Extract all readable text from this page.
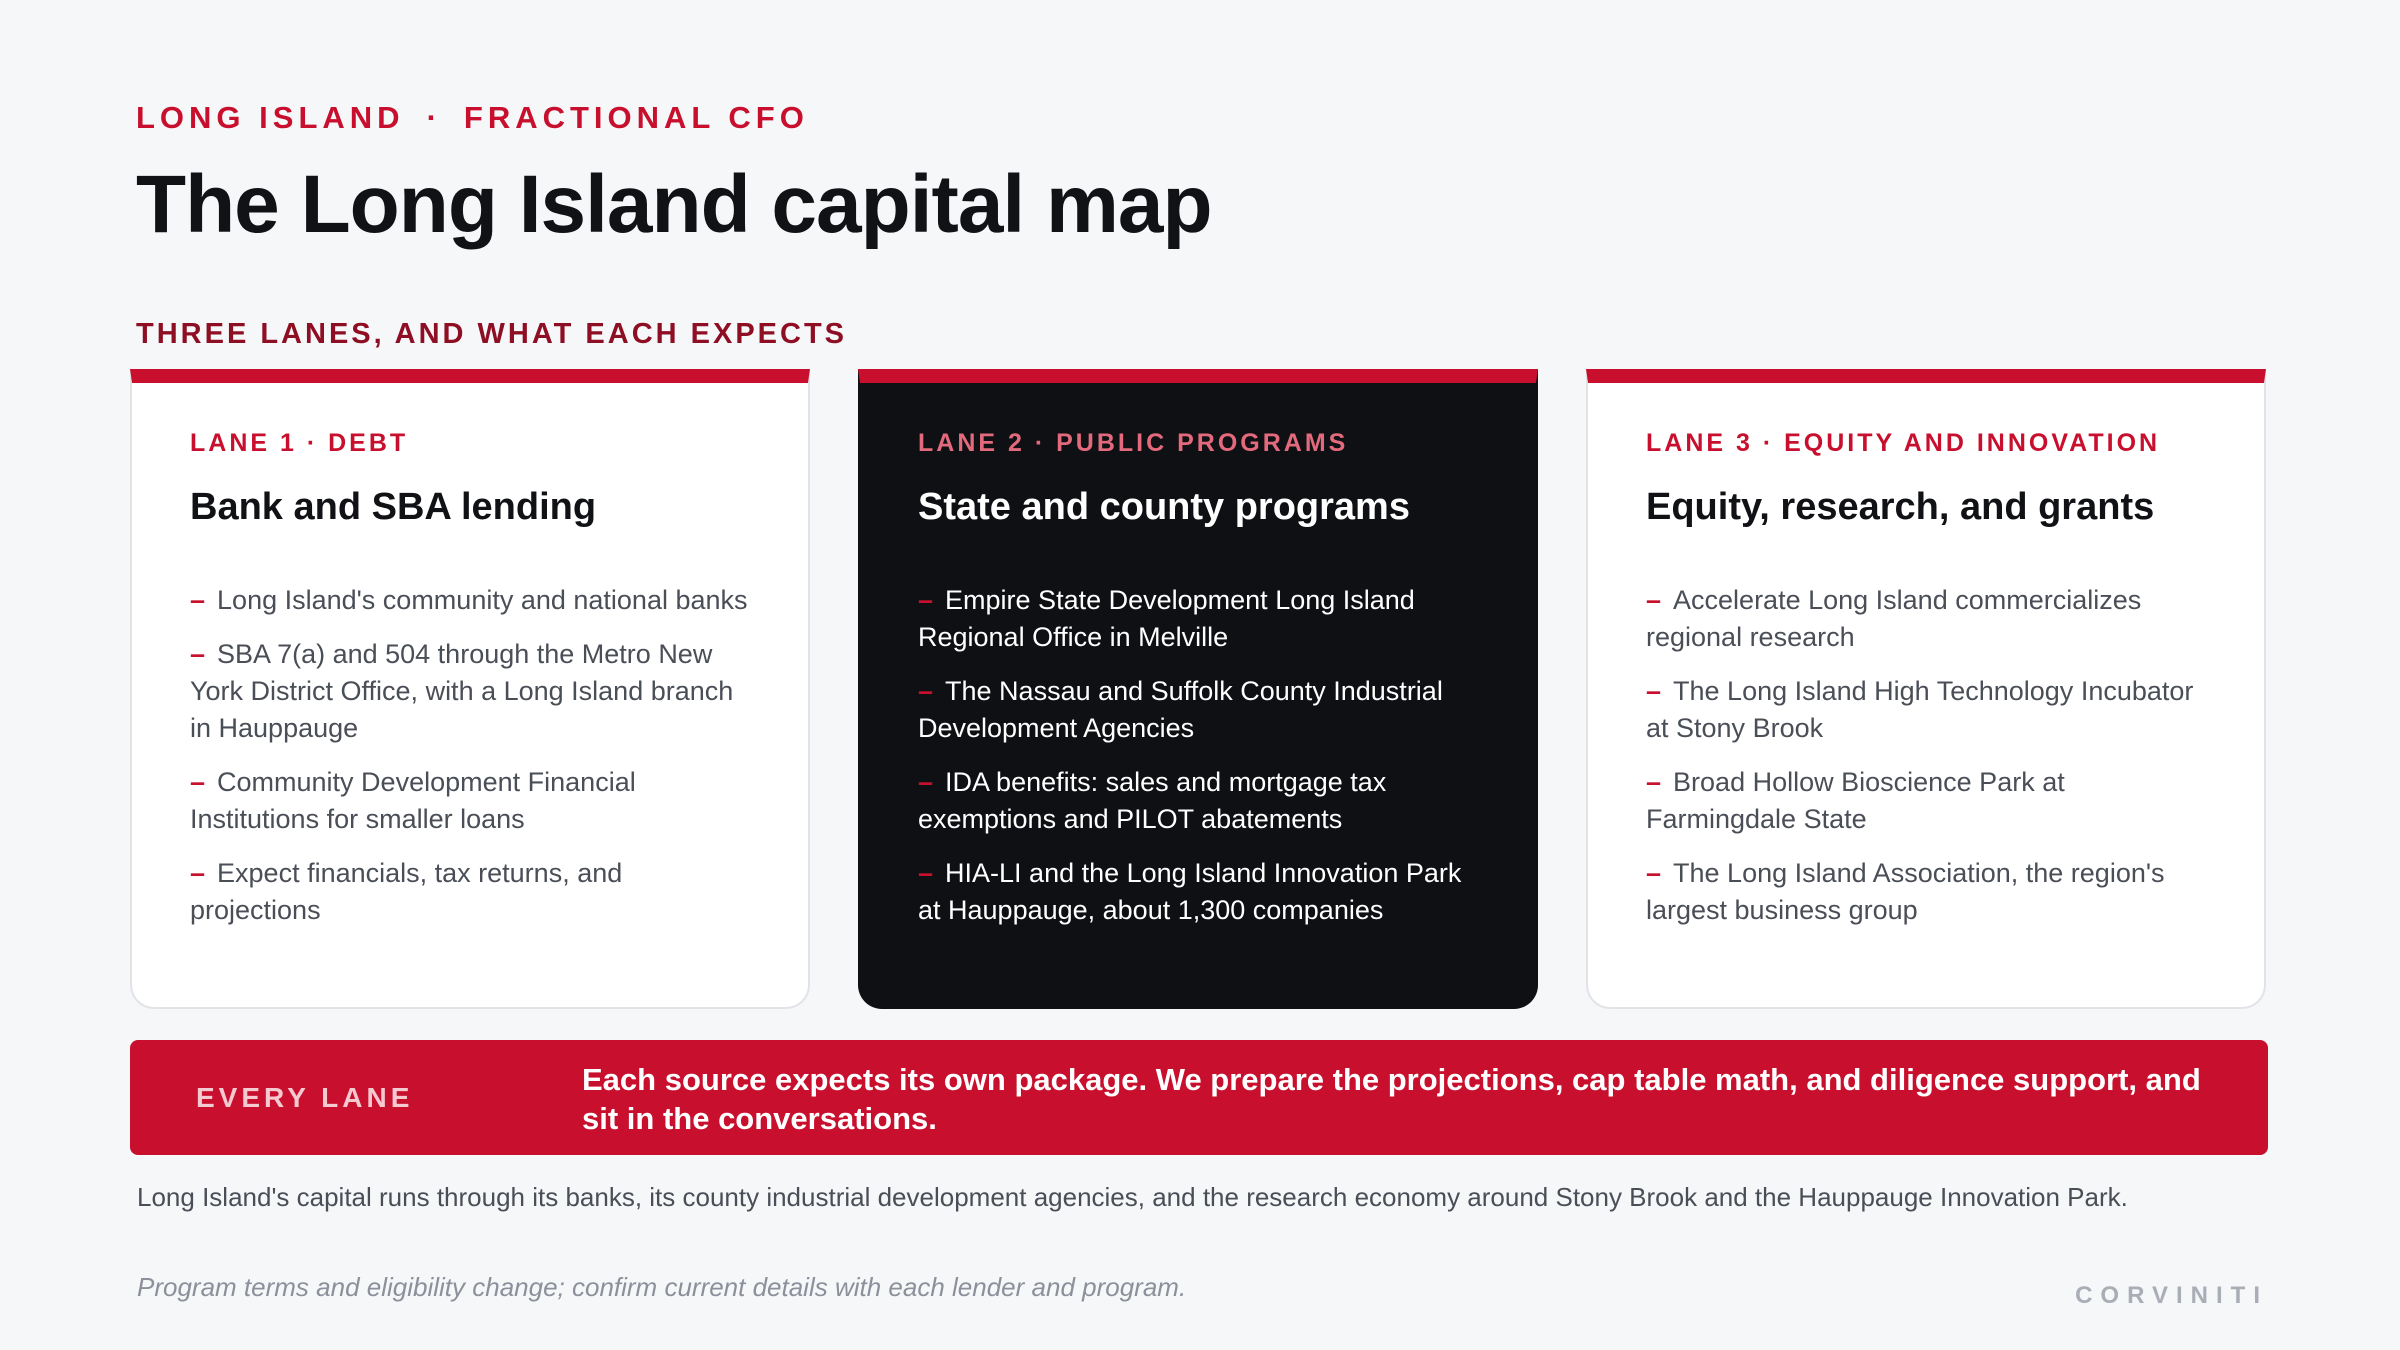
LONG ISLAND · FRACTIONAL CFO
The Long Island capital map
THREE LANES, AND WHAT EACH EXPECTS
LANE 1 · DEBT
Bank and SBA lending
– Long Island's community and national banks
– SBA 7(a) and 504 through the Metro New York District Office, with a Long Island branch in Hauppauge
– Community Development Financial Institutions for smaller loans
– Expect financials, tax returns, and projections
LANE 2 · PUBLIC PROGRAMS
State and county programs
– Empire State Development Long Island Regional Office in Melville
– The Nassau and Suffolk County Industrial Development Agencies
– IDA benefits: sales and mortgage tax exemptions and PILOT abatements
– HIA-LI and the Long Island Innovation Park at Hauppauge, about 1,300 companies
LANE 3 · EQUITY AND INNOVATION
Equity, research, and grants
– Accelerate Long Island commercializes regional research
– The Long Island High Technology Incubator at Stony Brook
– Broad Hollow Bioscience Park at Farmingdale State
– The Long Island Association, the region's largest business group
EVERY LANE
Each source expects its own package. We prepare the projections, cap table math, and diligence support, and sit in the conversations.
Long Island's capital runs through its banks, its county industrial development agencies, and the research economy around Stony Brook and the Hauppauge Innovation Park.
Program terms and eligibility change; confirm current details with each lender and program.	CORVINITI
